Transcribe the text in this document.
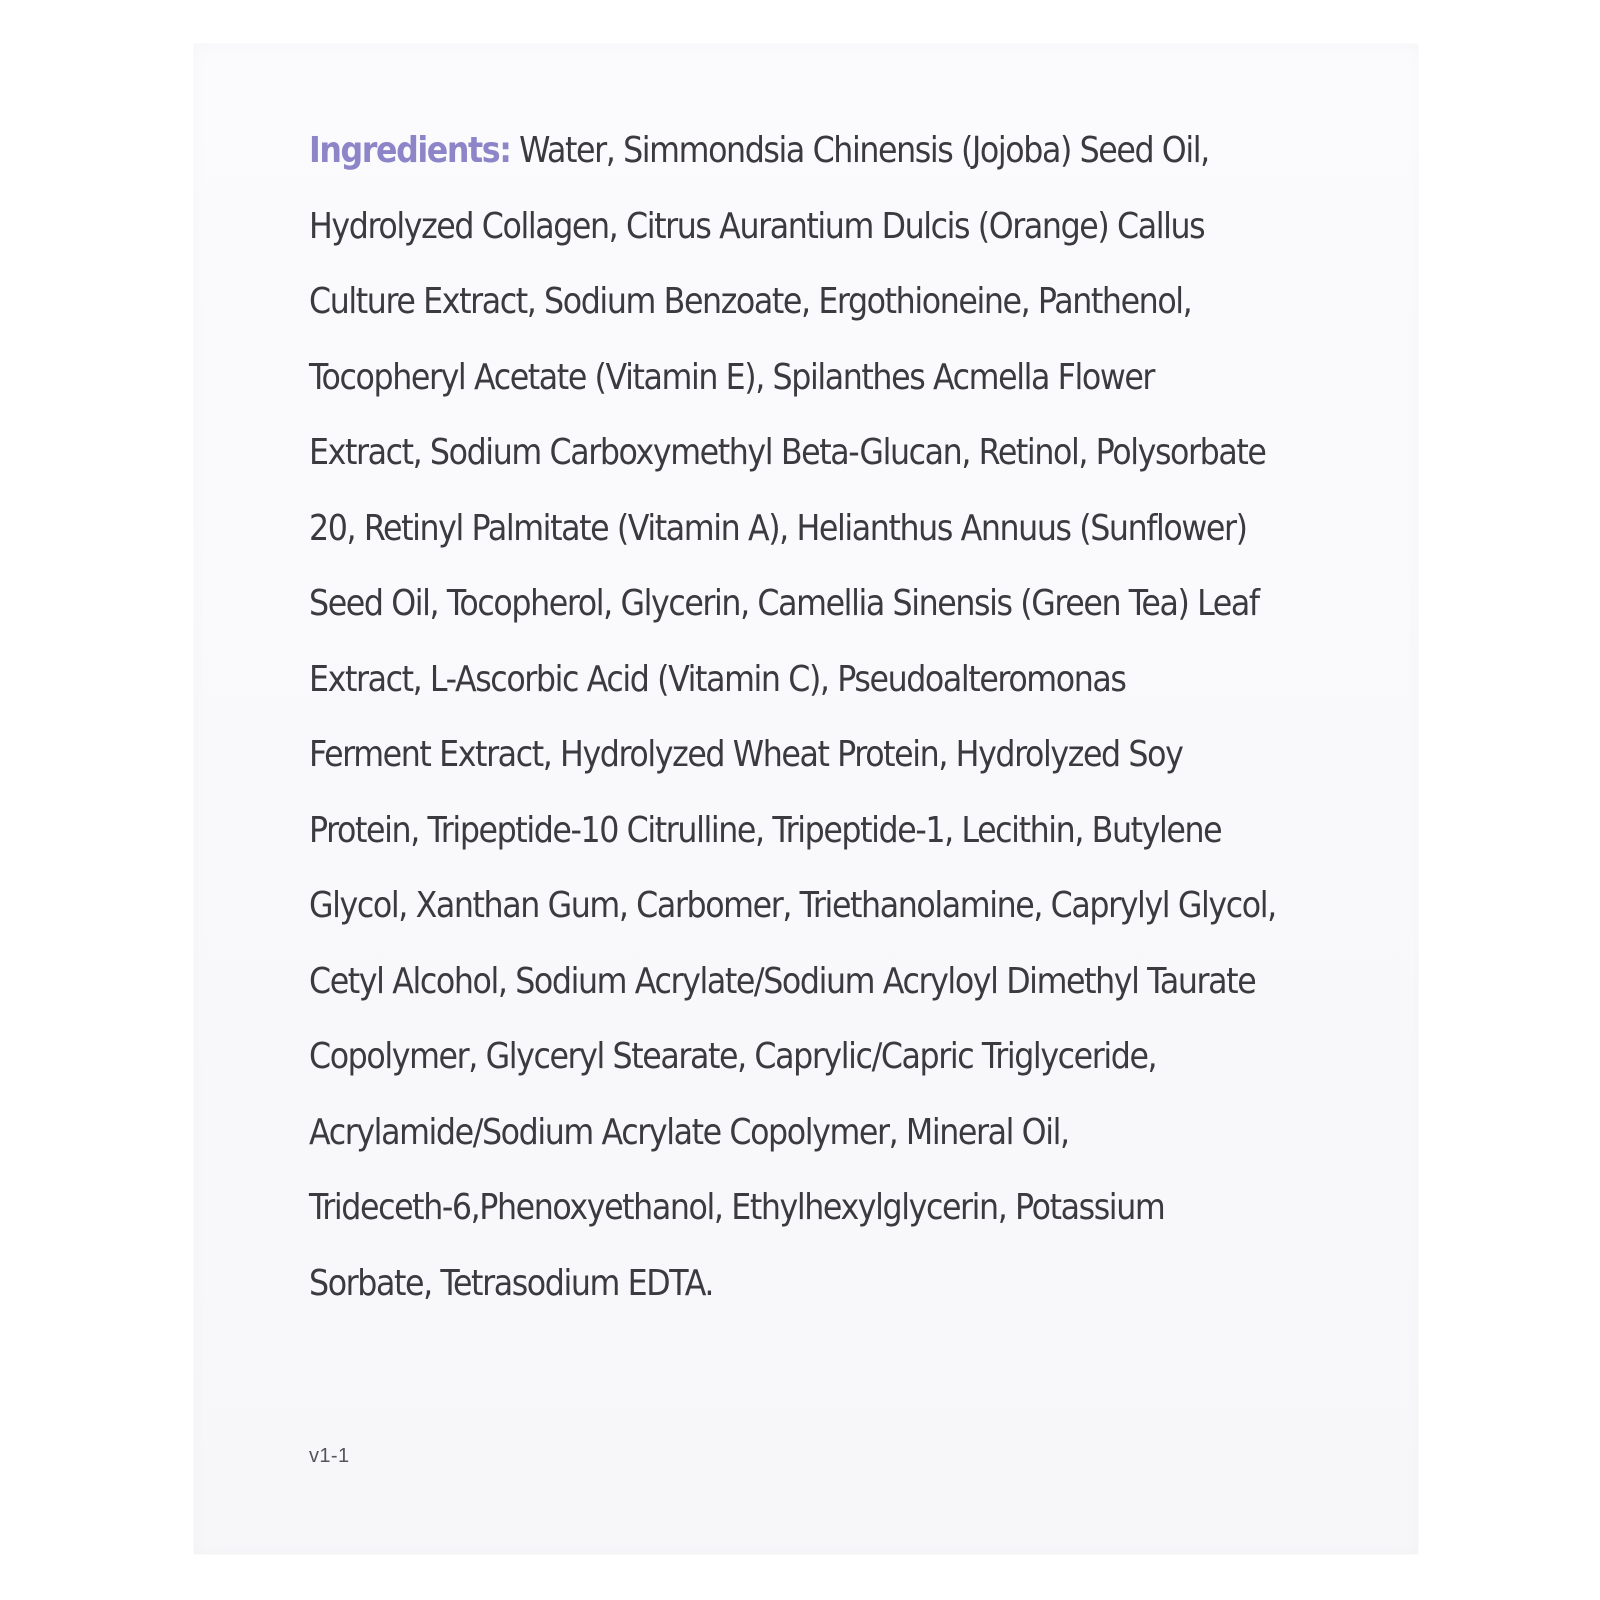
Ingredients: Water, Simmondsia Chinensis (Jojoba) Seed Oil,
Hydrolyzed Collagen, Citrus Aurantium Dulcis (Orange) Callus
Culture Extract, Sodium Benzoate, Ergothioneine, Panthenol,
Tocopheryl Acetate (Vitamin E), Spilanthes Acmella Flower
Extract, Sodium Carboxymethyl Beta-Glucan, Retinol, Polysorbate
20, Retinyl Palmitate (Vitamin A), Helianthus Annuus (Sunflower)
Seed Oil, Tocopherol, Glycerin, Camellia Sinensis (Green Tea) Leaf
Extract, L-Ascorbic Acid (Vitamin C), Pseudoalteromonas
Ferment Extract, Hydrolyzed Wheat Protein, Hydrolyzed Soy
Protein, Tripeptide-10 Citrulline, Tripeptide-1, Lecithin, Butylene
Glycol, Xanthan Gum, Carbomer, Triethanolamine, Caprylyl Glycol,
Cetyl Alcohol, Sodium Acrylate/Sodium Acryloyl Dimethyl Taurate
Copolymer, Glyceryl Stearate, Caprylic/Capric Triglyceride,
Acrylamide/Sodium Acrylate Copolymer, Mineral Oil,
Trideceth-6,Phenoxyethanol, Ethylhexylglycerin, Potassium
Sorbate, Tetrasodium EDTA.
v1-1
